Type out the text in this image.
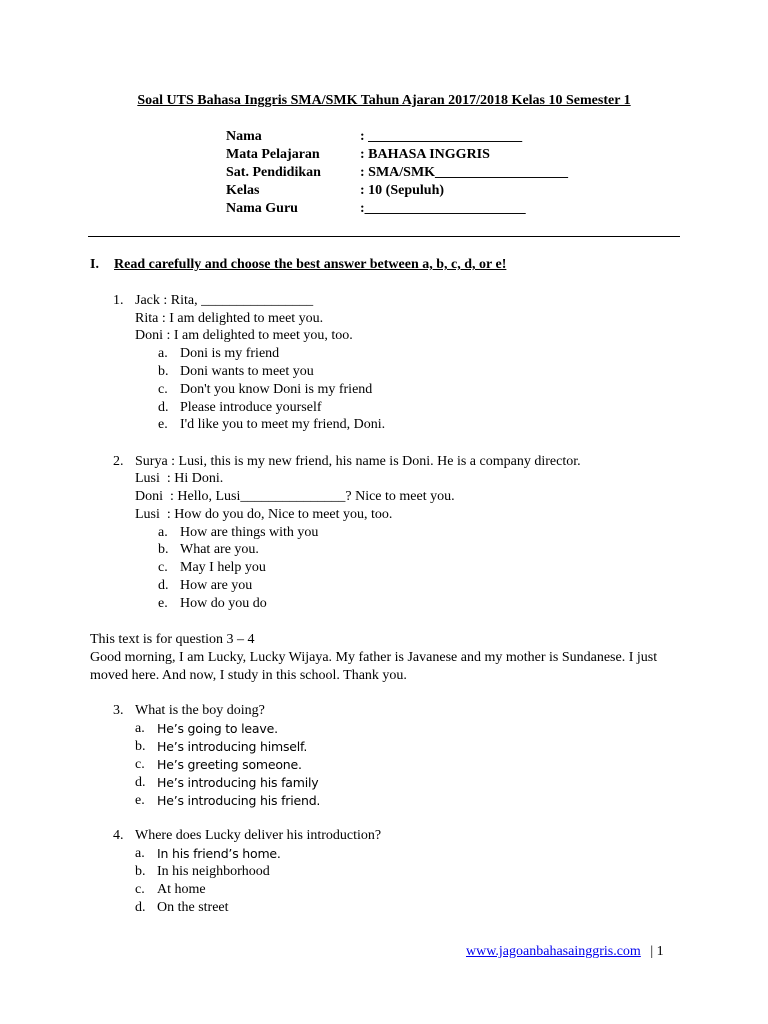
Soal UTS Bahasa Inggris SMA/SMK Tahun Ajaran 2017/2018 Kelas 10 Semester 1
Nama	: ______________________
Mata Pelajaran	: BAHASA INGGRIS
Sat. Pendidikan	: SMA/SMK___________________
Kelas	: 10 (Sepuluh)
Nama Guru	:_______________________
I. Read carefully and choose the best answer between a, b, c, d, or e!
1. Jack : Rita, ________________
Rita : I am delighted to meet you.
Doni : I am delighted to meet you, too.
a. Doni is my friend
b. Doni wants to meet you
c. Don't you know Doni is my friend
d. Please introduce yourself
e. I'd like you to meet my friend, Doni.
2. Surya : Lusi, this is my new friend, his name is Doni. He is a company director.
Lusi  : Hi Doni.
Doni  : Hello, Lusi_______________? Nice to meet you.
Lusi  : How do you do, Nice to meet you, too.
a. How are things with you
b. What are you.
c. May I help you
d. How are you
e. How do you do
This text is for question 3 – 4
Good morning, I am Lucky, Lucky Wijaya. My father is Javanese and my mother is Sundanese. I just moved here. And now, I study in this school. Thank you.
3. What is the boy doing?
a. He’s going to leave.
b. He’s introducing himself.
c. He’s greeting someone.
d. He’s introducing his family
e. He’s introducing his friend.
4. Where does Lucky deliver his introduction?
a. In his friend’s home.
b. In his neighborhood
c. At home
d. On the street
www.jagoanbahasainggris.com | 1
